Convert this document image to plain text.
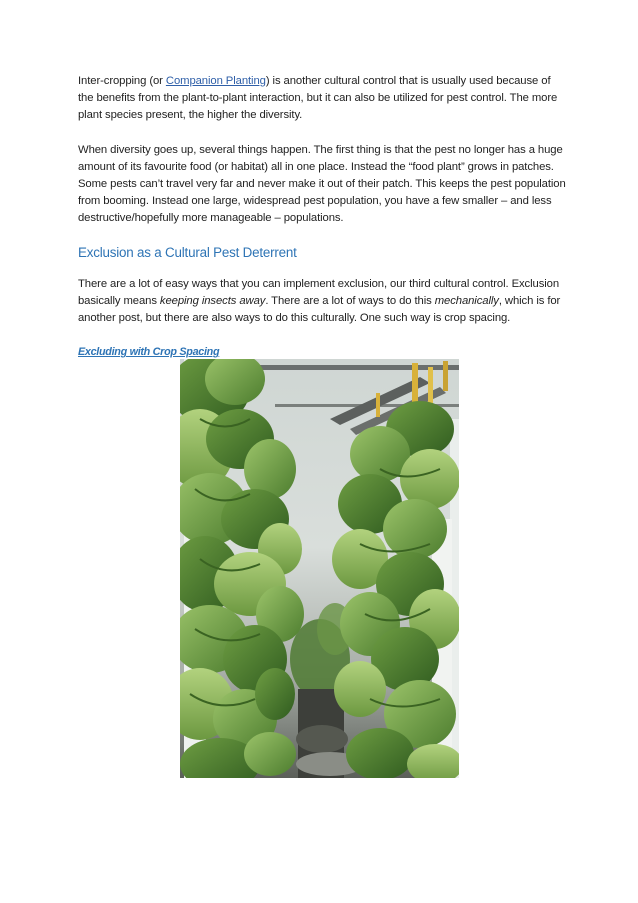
Inter-cropping (or Companion Planting) is another cultural control that is usually used because of the benefits from the plant-to-plant interaction, but it can also be utilized for pest control. The more plant species present, the higher the diversity.

When diversity goes up, several things happen. The first thing is that the pest no longer has a huge amount of its favourite food (or habitat) all in one place. Instead the “food plant” grows in patches. Some pests can’t travel very far and never make it out of their patch. This keeps the pest population from booming. Instead one large, widespread pest population, you have a few smaller – and less destructive/hopefully more manageable – populations.

Exclusion as a Cultural Pest Deterrent

There are a lot of easy ways that you can implement exclusion, our third cultural control. Exclusion basically means keeping insects away. There are a lot of ways to do this mechanically, which is for another post, but there are also ways to do this culturally. One such way is crop spacing.

Excluding with Crop Spacing
